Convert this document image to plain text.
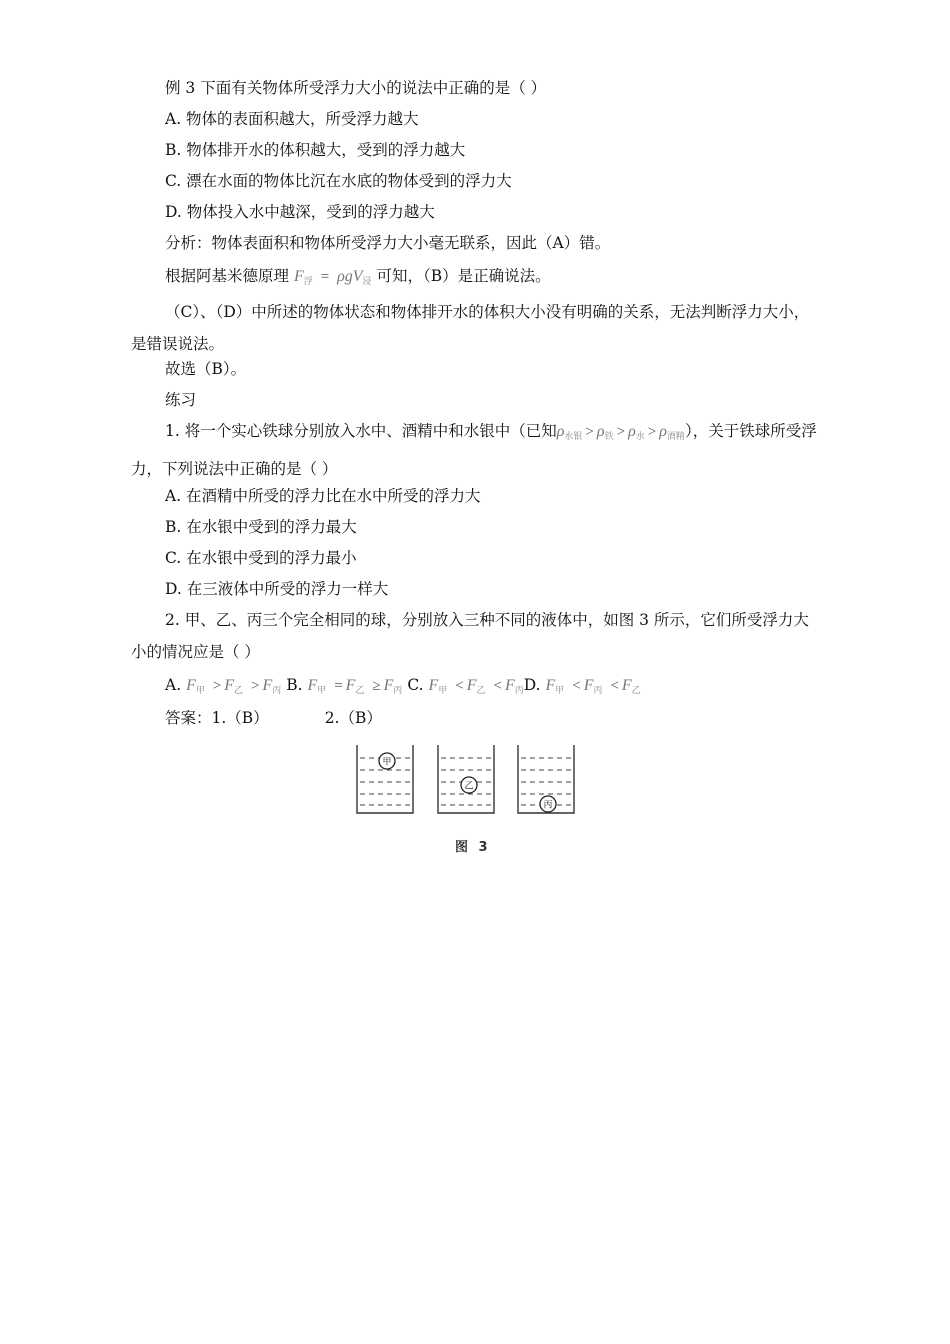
例 3 下面有关物体所受浮力大小的说法中正确的是（ ）
A. 物体的表面积越大，所受浮力越大
B. 物体排开水的体积越大，受到的浮力越大
C. 漂在水面的物体比沉在水底的物体受到的浮力大
D. 物体投入水中越深，受到的浮力越大
分析：物体表面积和物体所受浮力大小毫无联系，因此（A）错。
根据阿基米德原理 $F_浮 = \rho gV_浸$ 可知，（B）是正确说法。

（C）、（D）中所述的物体状态和物体排开水的体积大小没有明确的关系，无法判断浮力大小，是错误说法。

故选（B）。
练习

1. 将一个实心铁球分别放入水中、酒精中和水银中（已知$\rho_{水银} > \rho_铁 > \rho_水 > \rho_{酒精}$），关于铁球所受浮力，下列说法中正确的是（ ）

A. 在酒精中所受的浮力比在水中所受的浮力大
B. 在水银中受到的浮力最大
C. 在水银中受到的浮力最小
D. 在三液体中所受的浮力一样大

2. 甲、乙、丙三个完全相同的球，分别放入三种不同的液体中，如图 3 所示，它们所受浮力大小的情况应是（ ）

A. $F_甲 > F_乙 > F_丙$ B. $F_甲 = F_乙 \ge F_丙$ C. $F_甲 < F_乙 < F_丙D$. $F_甲 < F_丙 < F_乙$
答案：1.（B）	2.（B）
甲
乙
丙
图 3
